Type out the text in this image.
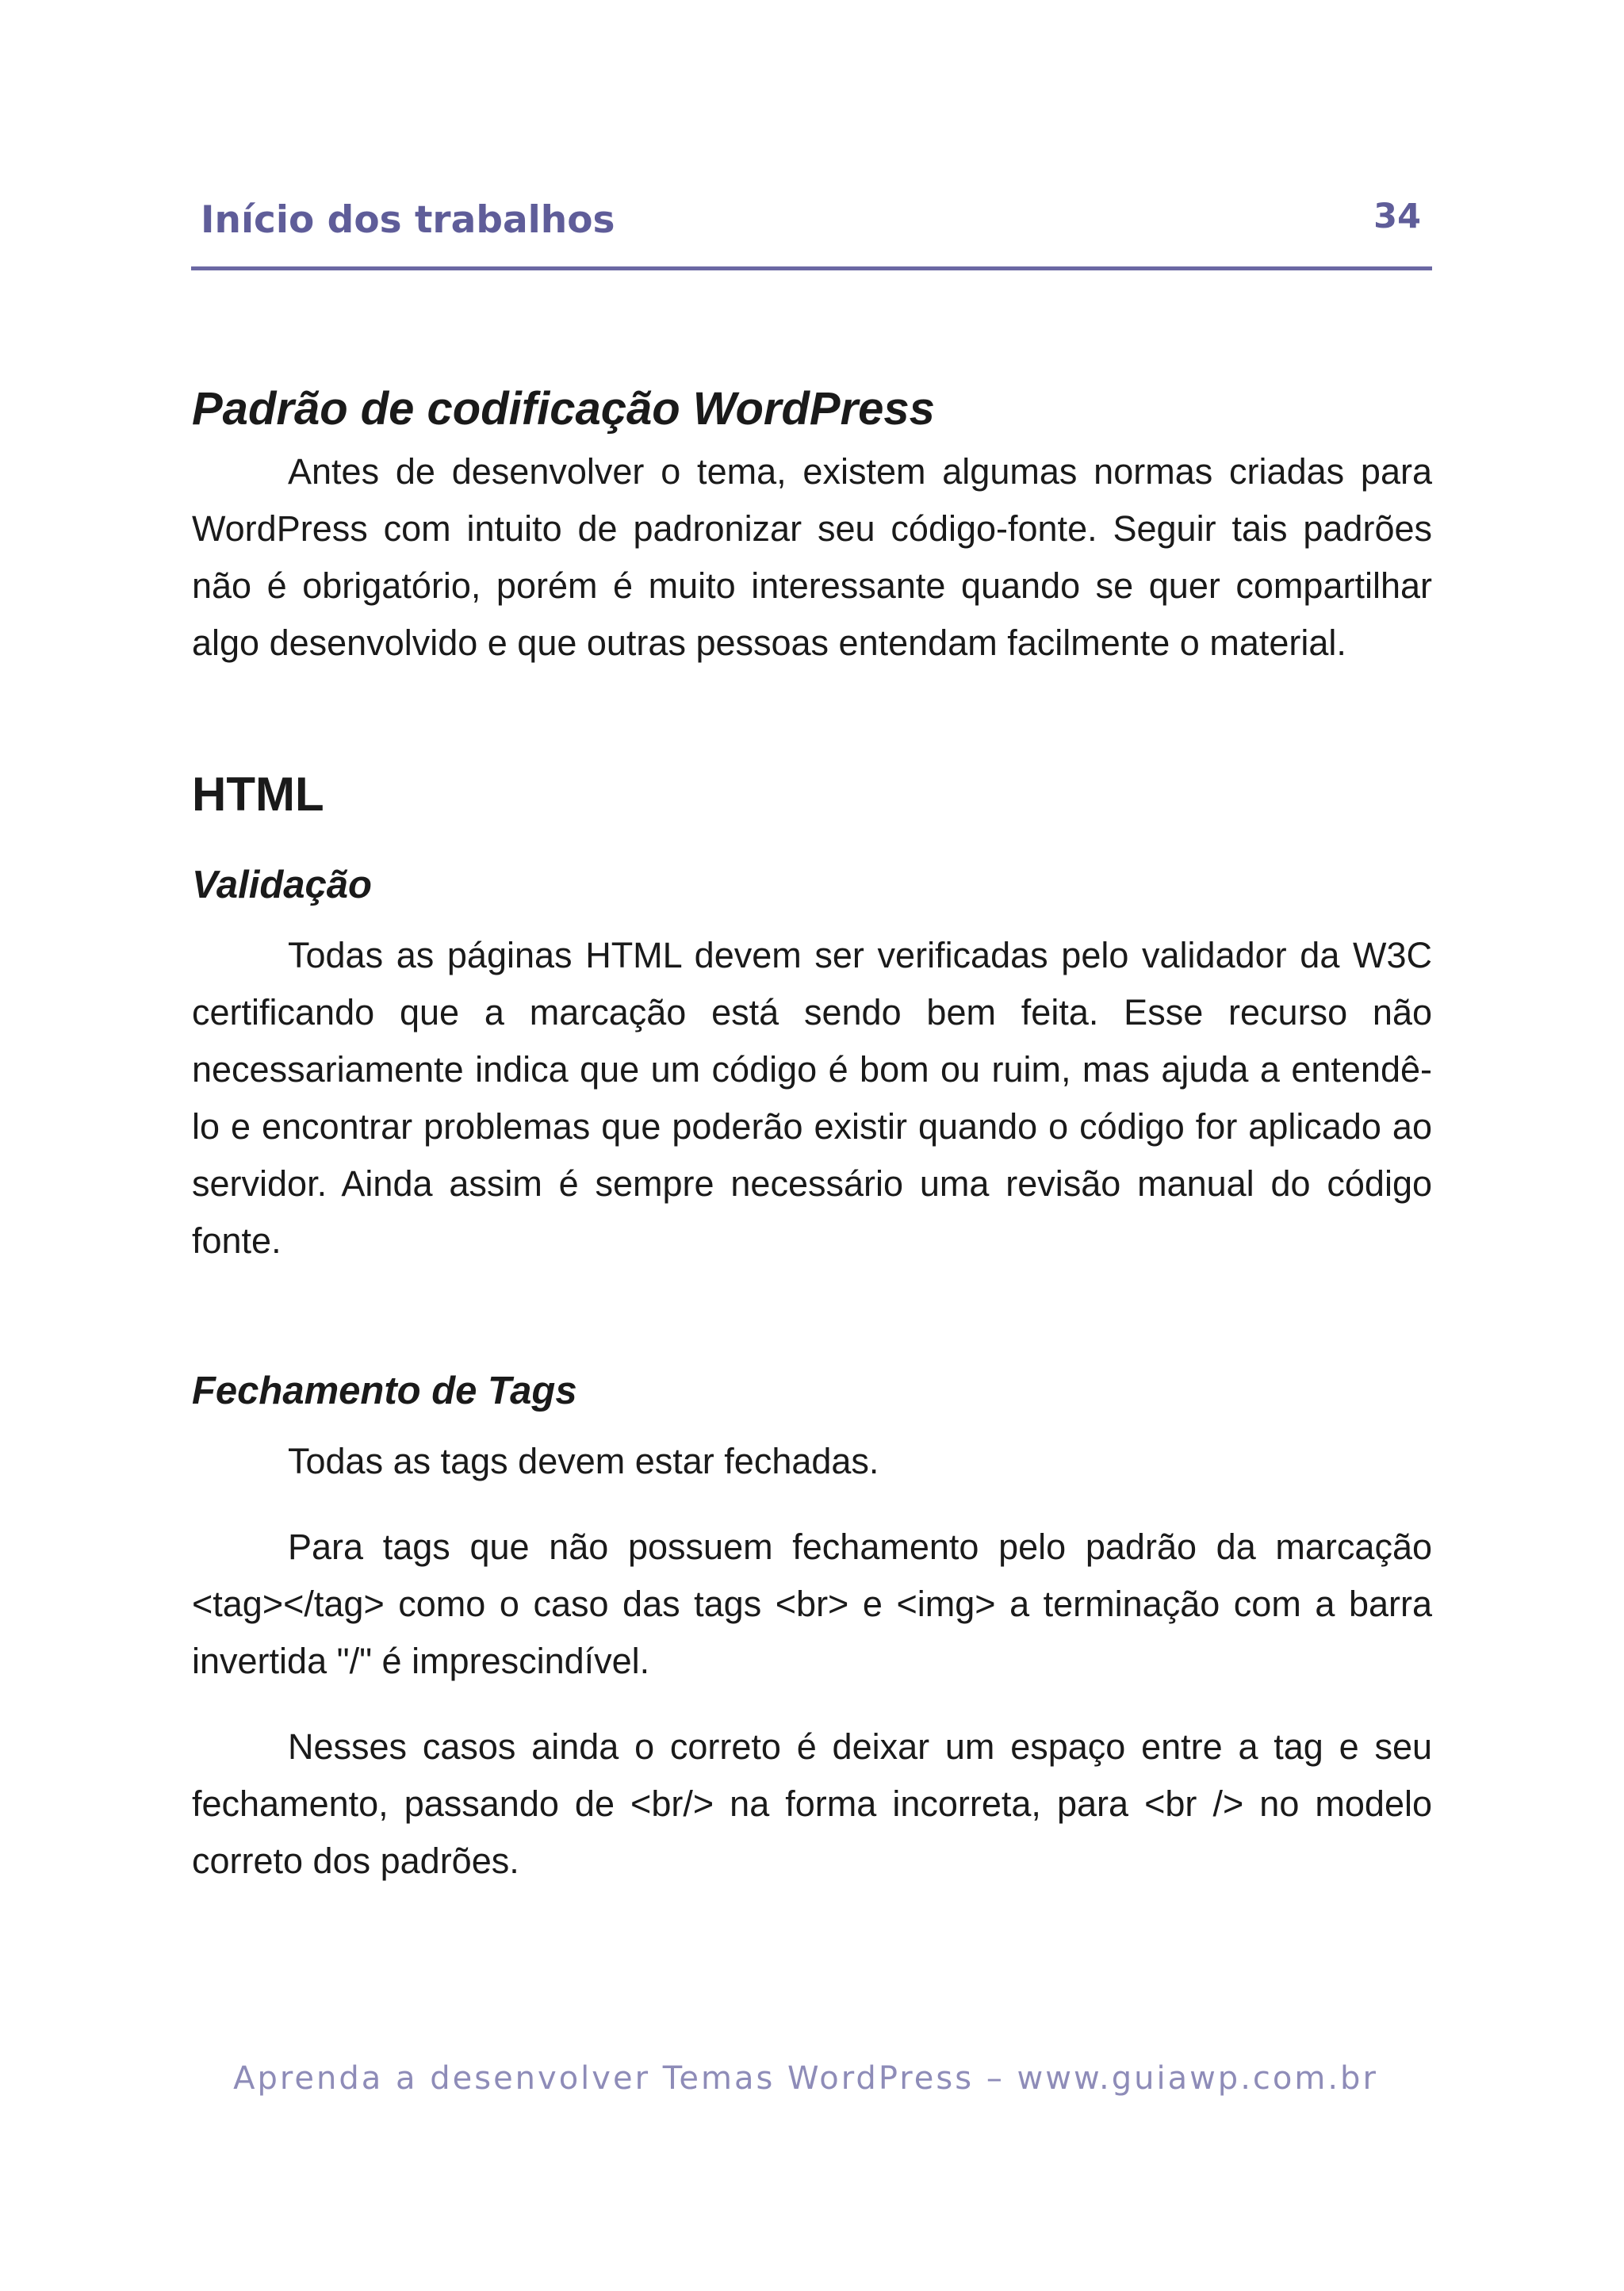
Início dos trabalhos	34
Padrão de codificação WordPress

Antes de desenvolver o tema, existem algumas normas criadas para WordPress com intuito de padronizar seu código-fonte. Seguir tais padrões não é obrigatório, porém é muito interessante quando se quer compartilhar algo desenvolvido e que outras pessoas entendam facilmente o material.

HTML
Validação

Todas as páginas HTML devem ser verificadas pelo validador da W3C certificando que a marcação está sendo bem feita. Esse recurso não necessariamente indica que um código é bom ou ruim, mas ajuda a entendê-lo e encontrar problemas que poderão existir quando o código for aplicado ao servidor. Ainda assim é sempre necessário uma revisão manual do código fonte.

Fechamento de Tags

Todas as tags devem estar fechadas.

Para tags que não possuem fechamento pelo padrão da marcação <tag></tag> como o caso das tags <br> e <img> a terminação com a barra invertida "/" é imprescindível.

Nesses casos ainda o correto é deixar um espaço entre a tag e seu fechamento, passando de <br/> na forma incorreta, para <br /> no modelo correto dos padrões.

Aprenda a desenvolver Temas WordPress – www.guiawp.com.br
